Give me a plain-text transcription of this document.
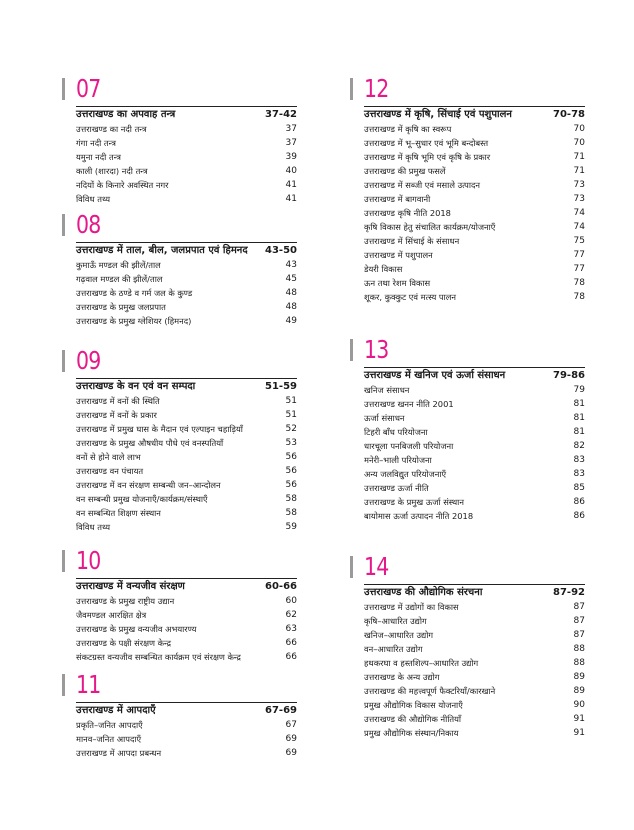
07
उत्तराखण्ड का अपवाह तन्त्र	37-42
उत्तराखण्ड का नदी तन्त्र	37
गंगा नदी तन्त्र	37
यमुना नदी तन्त्र	39
काली (शारदा) नदी तन्त्र	40
नदियों के किनारे अवस्थित नगर	41
विविध तथ्य	41
08
उत्तराखण्ड में ताल, बील, जलप्रपात एवं हिमनद	43-50
कुमाऊँ मण्डल की झीलें/ताल	43
गढ़वाल मण्डल की झीलें/ताल	45
उत्तराखण्ड के ठण्डे व गर्म जल के कुण्ड	48
उत्तराखण्ड के प्रमुख जलप्रपात	48
उत्तराखण्ड के प्रमुख ग्लेशियर (हिमनद)	49
09
उत्तराखण्ड के वन एवं वन सम्पदा	51-59
उत्तराखण्ड में वनों की स्थिति	51
उत्तराखण्ड में वनों के प्रकार	51
उत्तराखण्ड में प्रमुख घास के मैदान एवं एल्पाइन चहाड़ियाँ	52
उत्तराखण्ड के प्रमुख औषधीय पौधे एवं वनस्पतियाँ	53
वनों से होने वाले लाभ	56
उत्तराखण्ड वन पंचायत	56
उत्तराखण्ड में वन संरक्षण सम्बन्धी जन–आन्दोलन	56
वन सम्बन्धी प्रमुख योजनाएँ/कार्यक्रम/संस्थाएँ	58
वन सम्बन्धित शिक्षण संस्थान	58
विविध तथ्य	59
10
उत्तराखण्ड में वन्यजीव संरक्षण	60-66
उत्तराखण्ड के प्रमुख राष्ट्रीय उद्यान	60
जैवमण्डल आरक्षित क्षेत्र	62
उत्तराखण्ड के प्रमुख वन्यजीव अभयारण्य	63
उत्तराखण्ड के पक्षी संरक्षण केन्द्र	66
संकटग्रस्त वन्यजीव सम्बन्धित कार्यक्रम एवं संरक्षण केन्द्र	66
11
उत्तराखण्ड में आपदाएँ	67-69
प्रकृति–जनित आपदाएँ	67
मानव–जनित आपदाएँ	69
उत्तराखण्ड में आपदा प्रबन्धन	69
12
उत्तराखण्ड में कृषि, सिंचाई एवं पशुपालन	70-78
उत्तराखण्ड में कृषि का स्वरूप	70
उत्तराखण्ड में भू–सुधार एवं भूमि बन्दोबस्त	70
उत्तराखण्ड में कृषि भूमि एवं कृषि के प्रकार	71
उत्तराखण्ड की प्रमुख फसलें	71
उत्तराखण्ड में सब्जी एवं मसाले उत्पादन	73
उत्तराखण्ड में बागवानी	73
उत्तराखण्ड कृषि नीति 2018	74
कृषि विकास हेतु संचालित कार्यक्रम/योजनाएँ	74
उत्तराखण्ड में सिंचाई के संसाधन	75
उत्तराखण्ड में पशुपालन	77
डेयरी विकास	77
ऊन तथा रेशम विकास	78
शूकर, कुक्कुट एवं मत्स्य पालन	78
13
उत्तराखण्ड में खनिज एवं ऊर्जा संसाधन	79-86
खनिज संसाधन	79
उत्तराखण्ड खनन नीति 2001	81
ऊर्जा संसाधन	81
टिहरी बाँध परियोजना	81
धारचूला पनबिजली परियोजना	82
मनेरी–भाली परियोजना	83
अन्य जलविद्युत परियोजनाएँ	83
उत्तराखण्ड ऊर्जा नीति	85
उत्तराखण्ड के प्रमुख ऊर्जा संस्थान	86
बायोमास ऊर्जा उत्पादन नीति 2018	86
14
उत्तराखण्ड की औद्योगिक संरचना	87-92
उत्तराखण्ड में उद्योगों का विकास	87
कृषि–आधारित उद्योग	87
खनिज–आधारित उद्योग	87
वन–आधारित उद्योग	88
हथकरघा व हस्तशिल्प–आधारित उद्योग	88
उत्तराखण्ड के अन्य उद्योग	89
उत्तराखण्ड की महत्त्वपूर्ण फैक्टरियाँ/कारखाने	89
प्रमुख औद्योगिक विकास योजनाएँ	90
उत्तराखण्ड की औद्योगिक नीतियाँ	91
प्रमुख औद्योगिक संस्थान/निकाय	91
